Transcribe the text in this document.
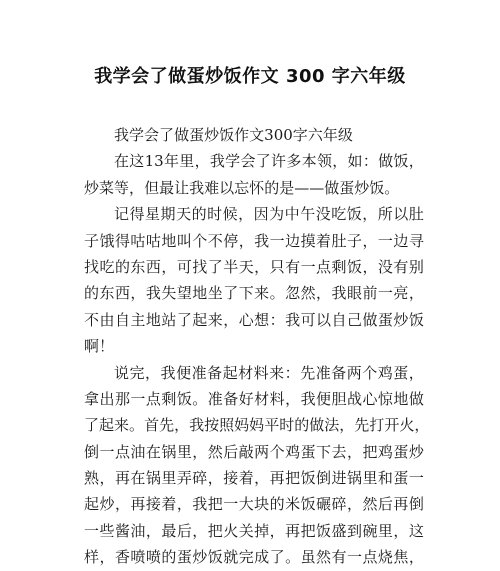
我学会了做蛋炒饭作文 300 字六年级
我 学 会 了 做 蛋 炒 饭 作 文 300 字 六 年 级
在 这 13 年 里 ， 我 学 会 了 许 多 本 领 ， 如 ： 做 饭 ，
炒 菜 等 ， 但 最 让 我 难 以 忘 怀 的 是 — — 做 蛋 炒 饭 。
记 得 星 期 天 的 时 候 ， 因 为 中 午 没 吃 饭 ， 所 以 肚
子 饿 得 咕 咕 地 叫 个 不 停 ， 我 一 边 摸 着 肚 子 ， 一 边 寻
找 吃 的 东 西 ， 可 找 了 半 天 ， 只 有 一 点 剩 饭 ， 没 有 别
的 东 西 ， 我 失 望 地 坐 了 下 来 。 忽 然 ， 我 眼 前 一 亮 ，
不 由 自 主 地 站 了 起 来 ， 心 想 ： 我 可 以 自 己 做 蛋 炒 饭
啊 ！
说 完 ， 我 便 准 备 起 材 料 来 ： 先 准 备 两 个 鸡 蛋 ，
拿 出 那 一 点 剩 饭 。 准 备 好 材 料 ， 我 便 胆 战 心 惊 地 做
了 起 来 。 首 先 ， 我 按 照 妈 妈 平 时 的 做 法 ， 先 打 开 火 ，
倒 一 点 油 在 锅 里 ， 然 后 敲 两 个 鸡 蛋 下 去 ， 把 鸡 蛋 炒
熟 ， 再 在 锅 里 弄 碎 ， 接 着 ， 再 把 饭 倒 进 锅 里 和 蛋 一
起 炒 ， 再 接 着 ， 我 把 一 大 块 的 米 饭 碾 碎 ， 然 后 再 倒
一 些 酱 油 ， 最 后 ， 把 火 关 掉 ， 再 把 饭 盛 到 碗 里 ， 这
样 ， 香 喷 喷 的 蛋 炒 饭 就 完 成 了 。 虽 然 有 一 点 烧 焦 ，
